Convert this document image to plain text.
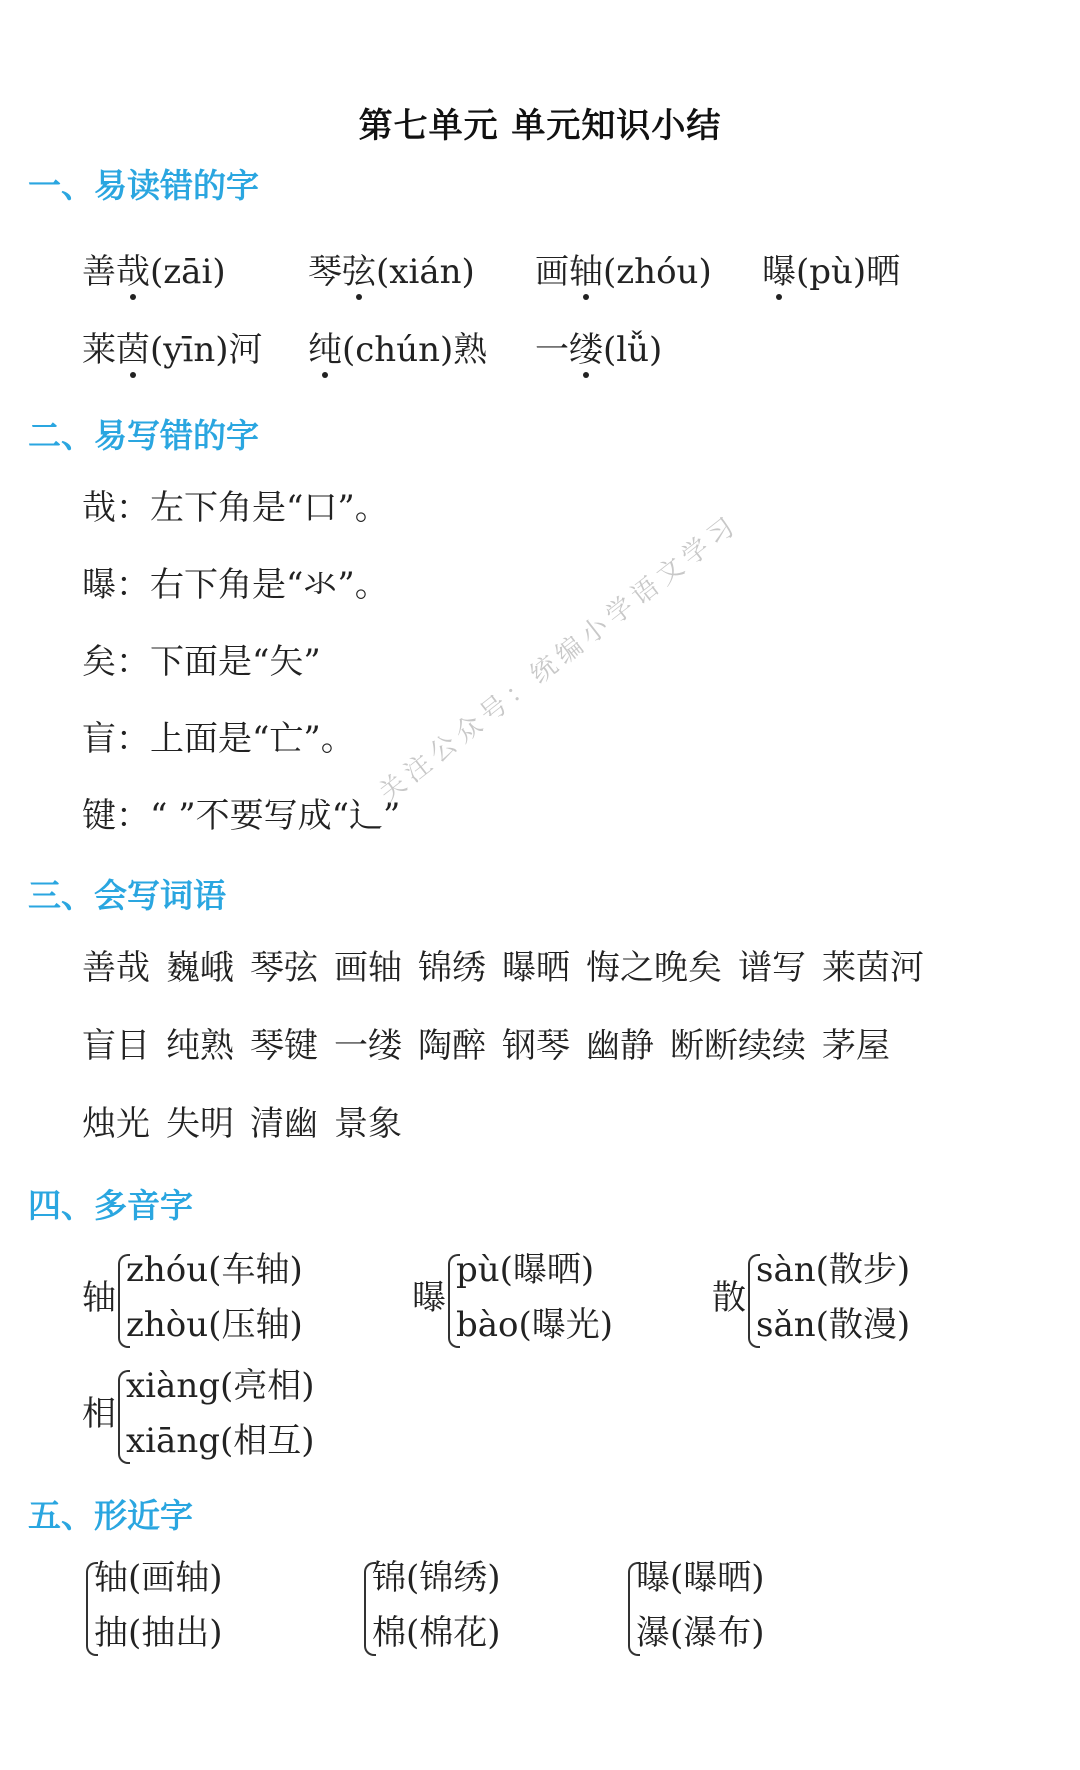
第七单元 单元知识小结
一、易读错的字
善哉(zāi) 琴弦(xián) 画轴(zhóu) 曝(pù)晒
莱茵(yīn)河 纯(chún)熟 一缕(lǚ)
二、易写错的字
哉：左下角是“口”。
曝：右下角是“氺”。
矣：下面是“矢”
盲：上面是“亡”。
键：“ ”不要写成“辶”
三、会写词语
善哉 巍峨 琴弦 画轴 锦绣 曝晒 悔之晚矣 谱写 莱茵河
盲目 纯熟 琴键 一缕 陶醉 钢琴 幽静 断断续续 茅屋
烛光 失明 清幽 景象
四、多音字
轴
zhóu(车轴)
zhòu(压轴)
曝
pù(曝晒)
bào(曝光)
散
sàn(散步)
sǎn(散漫)
相
xiàng(亮相)
xiāng(相互)
五、形近字
轴(画轴)
抽(抽出)
锦(锦绣)
棉(棉花)
曝(曝晒)
瀑(瀑布)
关注公众号：统编小学语文学习
